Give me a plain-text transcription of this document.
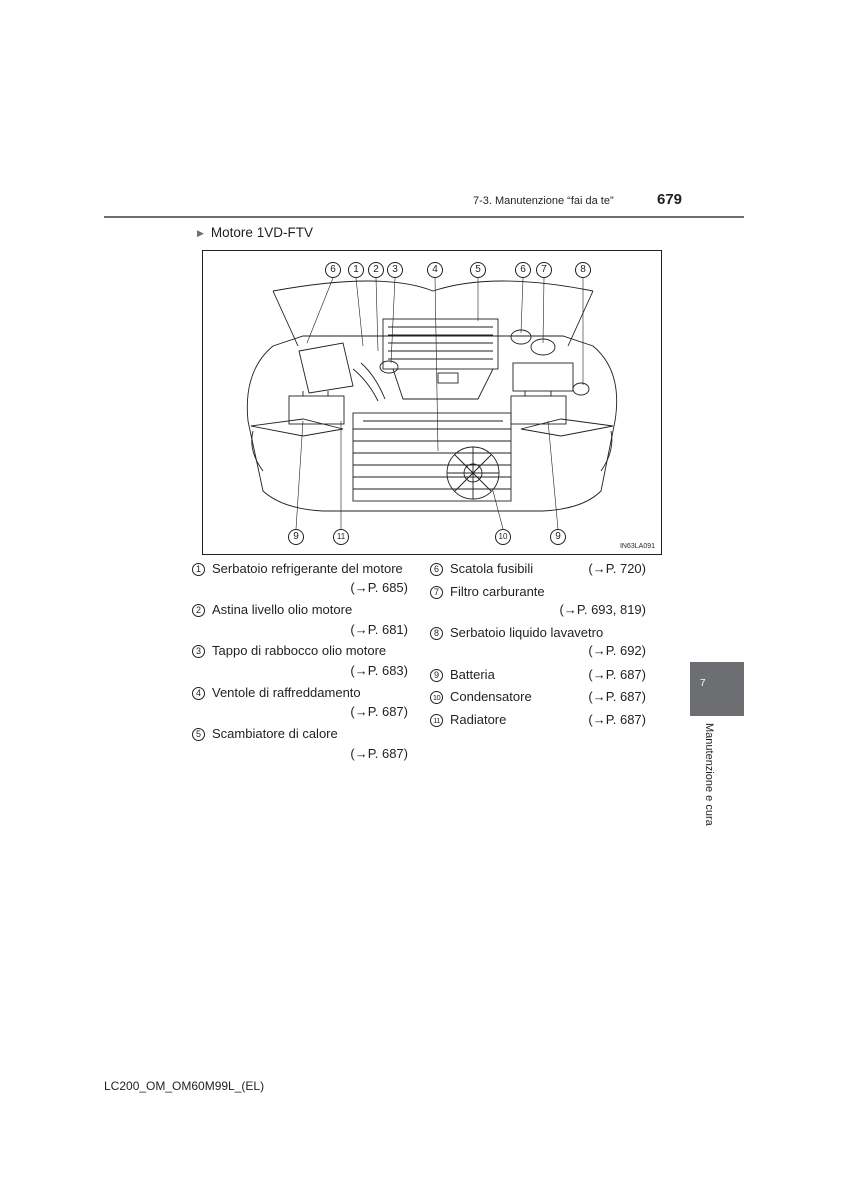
7-3. Manutenzione “fai da te”	679
▶ Motore 1VD-FTV
6	1	2	3	4	5	6	7	8
9	11	10	9
IN63LA091
1 Serbatoio refrigerante del motore
(→P. 685)
2 Astina livello olio motore
(→P. 681)
3 Tappo di rabbocco olio motore
(→P. 683)
4 Ventole di raffreddamento
(→P. 687)
5 Scambiatore di calore
(→P. 687)
6 Scatola fusibili	(→P. 720)
7 Filtro carburante
(→P. 693, 819)
8 Serbatoio liquido lavavetro
(→P. 692)
9 Batteria	(→P. 687)
10 Condensatore	(→P. 687)
11 Radiatore	(→P. 687)
7
Manutenzione e cura
LC200_OM_OM60M99L_(EL)
